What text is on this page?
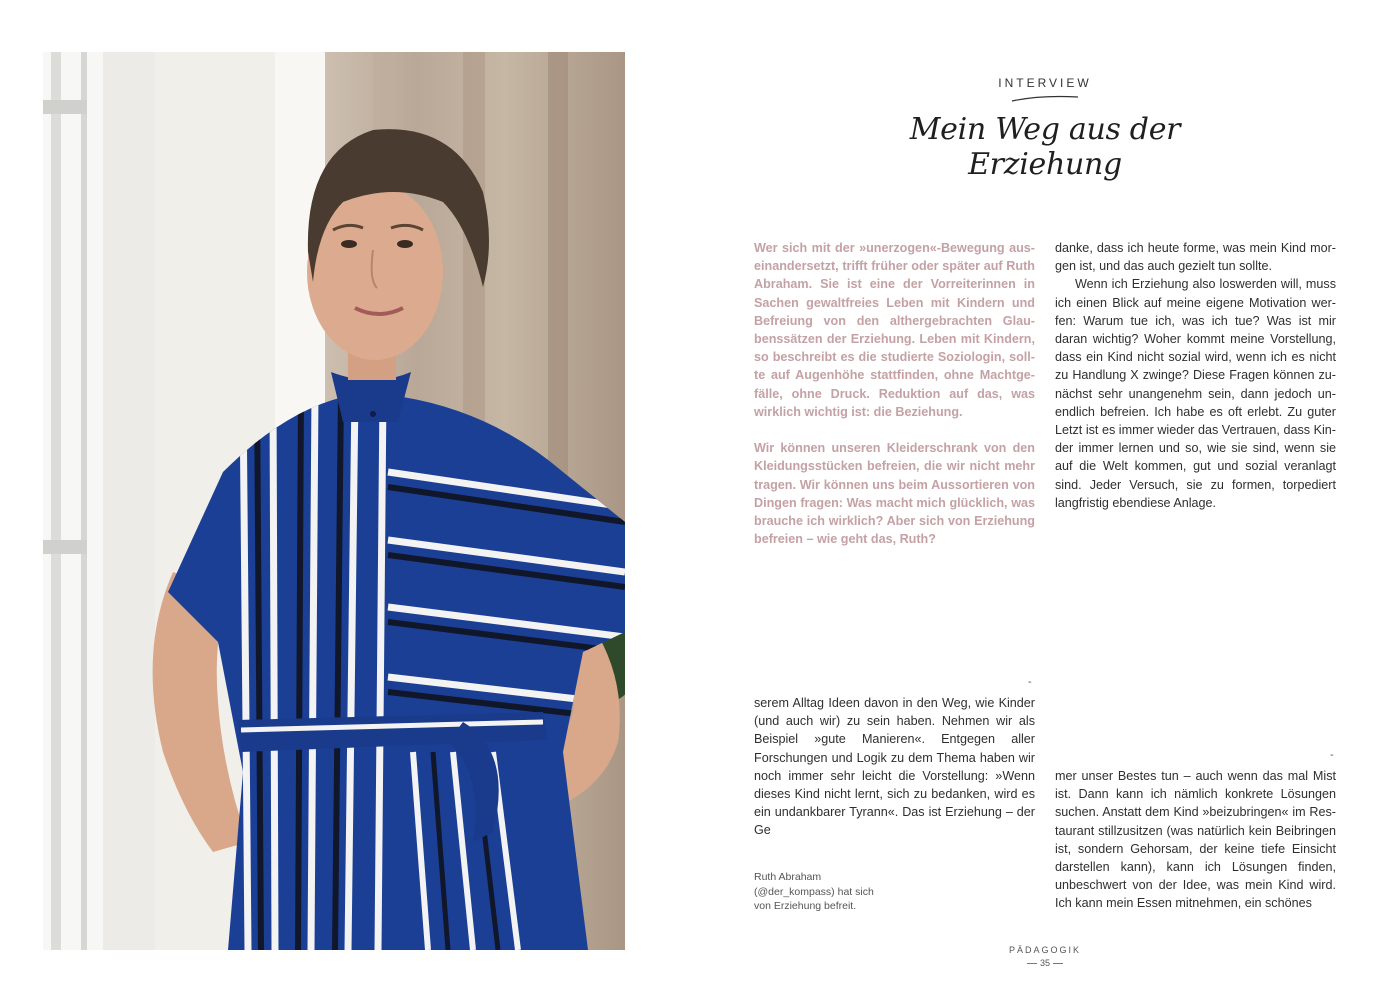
INTERVIEW
Mein Weg aus der Erziehung

Wer sich mit der »unerzogen«-Bewegung auseinandersetzt, trifft früher oder später auf Ruth Abraham. Sie ist eine der Vorreiterinnen in Sachen gewaltfreies Leben mit Kindern und Befreiung von den althergebrachten Glaubenssätzen der Erziehung. Leben mit Kindern, so beschreibt es die studierte Soziologin, sollte auf Augenhöhe stattfinden, ohne Machtgefälle, ohne Druck. Reduktion auf das, was wirklich wichtig ist: die Beziehung.

Wir können unseren Kleiderschrank von den Kleidungsstücken befreien, die wir nicht mehr tragen. Wir können uns beim Aussortieren von Dingen fragen: Was macht mich glücklich, was brauche ich wirklich? Aber sich von Erziehung befreien – wie geht das, Ruth?

danke, dass ich heute forme, was mein Kind morgen ist, und das auch gezielt tun sollte.

Wenn ich Erziehung also loswerden will, muss ich einen Blick auf meine eigene Motivation werfen: Warum tue ich, was ich tue? Was ist mir daran wichtig? Woher kommt meine Vorstellung, dass ein Kind nicht sozial wird, wenn ich es nicht zu Handlung X zwinge? Diese Fragen können zunächst sehr unangenehm sein, dann jedoch unendlich befreien. Ich habe es oft erlebt. Zu guter Letzt ist es immer wieder das Vertrauen, dass Kinder immer lernen und so, wie sie sind, wenn sie auf die Welt kommen, gut und sozial veranlagt sind. Jeder Versuch, sie zu formen, torpediert langfristig ebendiese Anlage.

-
-

serem Alltag Ideen davon in den Weg, wie Kinder (und auch wir) zu sein haben. Nehmen wir als Beispiel »gute Manieren«. Entgegen aller Forschungen und Logik zu dem Thema haben wir noch immer sehr leicht die Vorstellung: »Wenn dieses Kind nicht lernt, sich zu bedanken, wird es ein undankbarer Tyrann«. Das ist Erziehung – der Ge

mer unser Bestes tun – auch wenn das mal Mist ist. Dann kann ich nämlich konkrete Lösungen suchen. Anstatt dem Kind »beizubringen« im Restaurant stillzusitzen (was natürlich kein Beibringen ist, sondern Gehorsam, der keine tiefe Einsicht darstellen kann), kann ich Lösungen finden, unbeschwert von der Idee, was mein Kind wird. Ich kann mein Essen mitnehmen, ein schönes

Ruth Abraham

(@der_kompass) hat sich

von Erziehung befreit.

PÄDAGOGIK
35
